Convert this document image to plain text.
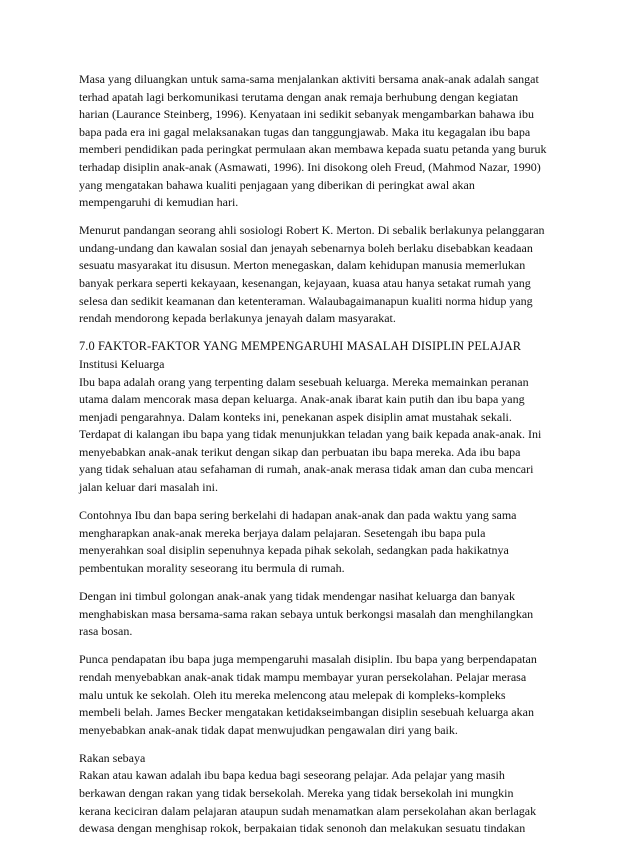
Masa yang diluangkan untuk sama-sama menjalankan aktiviti bersama anak-anak adalah sangat
terhad apatah lagi berkomunikasi terutama dengan anak remaja berhubung dengan kegiatan
harian (Laurance Steinberg, 1996). Kenyataan ini sedikit sebanyak mengambarkan bahawa ibu
bapa pada era ini gagal melaksanakan tugas dan tanggungjawab. Maka itu kegagalan ibu bapa
memberi pendidikan pada peringkat permulaan akan membawa kepada suatu petanda yang buruk
terhadap disiplin anak-anak (Asmawati, 1996). Ini disokong oleh Freud, (Mahmod Nazar, 1990)
yang mengatakan bahawa kualiti penjagaan yang diberikan di peringkat awal akan
mempengaruhi di kemudian hari.

Menurut pandangan seorang ahli sosiologi Robert K. Merton. Di sebalik berlakunya pelanggaran
undang-undang dan kawalan sosial dan jenayah sebenarnya boleh berlaku disebabkan keadaan
sesuatu masyarakat itu disusun. Merton menegaskan, dalam kehidupan manusia memerlukan
banyak perkara seperti kekayaan, kesenangan, kejayaan, kuasa atau hanya setakat rumah yang
selesa dan sedikit keamanan dan ketenteraman. Walaubagaimanapun kualiti norma hidup yang
rendah mendorong kepada berlakunya jenayah dalam masyarakat.

7.0 FAKTOR-FAKTOR YANG MEMPENGARUHI MASALAH DISIPLIN PELAJAR
Institusi Keluarga
Ibu bapa adalah orang yang terpenting dalam sesebuah keluarga. Mereka memainkan peranan
utama dalam mencorak masa depan keluarga. Anak-anak ibarat kain putih dan ibu bapa yang
menjadi pengarahnya. Dalam konteks ini, penekanan aspek disiplin amat mustahak sekali.
Terdapat di kalangan ibu bapa yang tidak menunjukkan teladan yang baik kepada anak-anak. Ini
menyebabkan anak-anak terikut dengan sikap dan perbuatan ibu bapa mereka. Ada ibu bapa
yang tidak sehaluan atau sefahaman di rumah, anak-anak merasa tidak aman dan cuba mencari
jalan keluar dari masalah ini.

Contohnya Ibu dan bapa sering berkelahi di hadapan anak-anak dan pada waktu yang sama
mengharapkan anak-anak mereka berjaya dalam pelajaran. Sesetengah ibu bapa pula
menyerahkan soal disiplin sepenuhnya kepada pihak sekolah, sedangkan pada hakikatnya
pembentukan morality seseorang itu bermula di rumah.

Dengan ini timbul golongan anak-anak yang tidak mendengar nasihat keluarga dan banyak
menghabiskan masa bersama-sama rakan sebaya untuk berkongsi masalah dan menghilangkan
rasa bosan.

Punca pendapatan ibu bapa juga mempengaruhi masalah disiplin. Ibu bapa yang berpendapatan
rendah menyebabkan anak-anak tidak mampu membayar yuran persekolahan. Pelajar merasa
malu untuk ke sekolah. Oleh itu mereka melencong atau melepak di kompleks-kompleks
membeli belah. James Becker mengatakan ketidakseimbangan disiplin sesebuah keluarga akan
menyebabkan anak-anak tidak dapat menwujudkan pengawalan diri yang baik.

Rakan sebaya
Rakan atau kawan adalah ibu bapa kedua bagi seseorang pelajar. Ada pelajar yang masih
berkawan dengan rakan yang tidak bersekolah. Mereka yang tidak bersekolah ini mungkin
kerana keciciran dalam pelajaran ataupun sudah menamatkan alam persekolahan akan berlagak
dewasa dengan menghisap rokok, berpakaian tidak senonoh dan melakukan sesuatu tindakan
